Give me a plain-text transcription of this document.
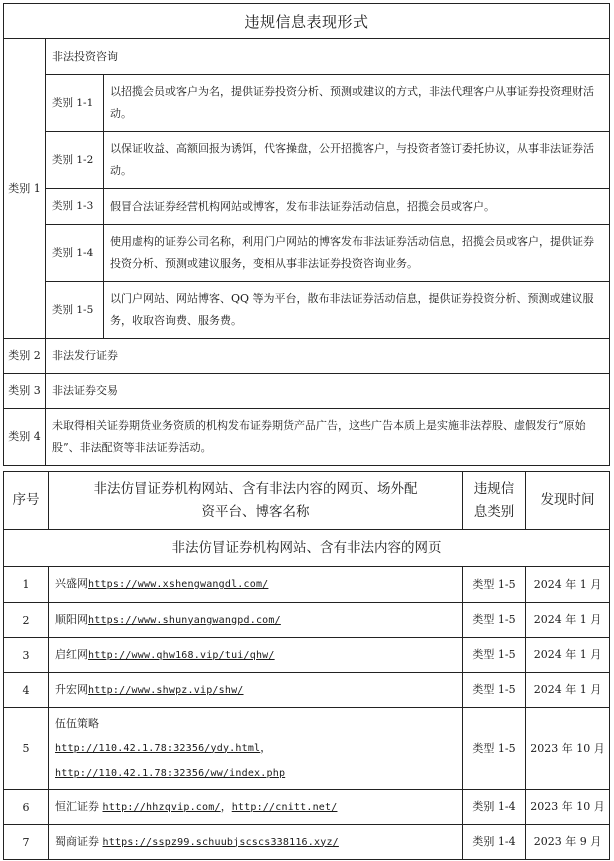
违规信息表现形式		
类别 1	非法投资咨询	
	类别 1-1	以招揽会员或客户为名，提供证券投资分析、预测或建议的方式，非法代理客户从事证券投资理财活动。
	类别 1-2	以保证收益、高额回报为诱饵，代客操盘，公开招揽客户，与投资者签订委托协议，从事非法证券活动。
	类别 1-3	假冒合法证券经营机构网站或博客，发布非法证券活动信息，招揽会员或客户。
	类别 1-4	使用虚构的证券公司名称，利用门户网站的博客发布非法证券活动信息，招揽会员或客户，提供证券投资分析、预测或建议服务，变相从事非法证券投资咨询业务。
	类别 1-5	以门户网站、网站博客、QQ 等为平台，散布非法证券活动信息，提供证券投资分析、预测或建议服务，收取咨询费、服务费。
类别 2	非法发行证券	
类别 3	非法证券交易	
类别 4	未取得相关证券期货业务资质的机构发布证券期货产品广告，这些广告本质上是实施非法荐股、虚假发行“原始股”、非法配资等非法证券活动。	
序号	非法仿冒证券机构网站、含有非法内容的网页、场外配资平台、博客名称	违规信息类别	发现时间
非法仿冒证券机构网站、含有非法内容的网页			
1	兴盛网https://www.xshengwangdl.com/	类型 1-5	2024 年 1 月
2	顺阳网https://www.shunyangwangpd.com/	类型 1-5	2024 年 1 月
3	启红网http://www.qhw168.vip/tui/qhw/	类型 1-5	2024 年 1 月
4	升宏网http://www.shwpz.vip/shw/	类型 1-5	2024 年 1 月
5	伍伍策略
http://110.42.1.78:32356/ydy.html，
http://110.42.1.78:32356/ww/index.php	类型 1-5	2023 年 10 月
6	恒汇证券 http://hhzqvip.com/，http://cnitt.net/	类别 1-4	2023 年 10 月
7	蜀商证券 https://sspz99.schuubjscscs338116.xyz/	类别 1-4	2023 年 9 月
